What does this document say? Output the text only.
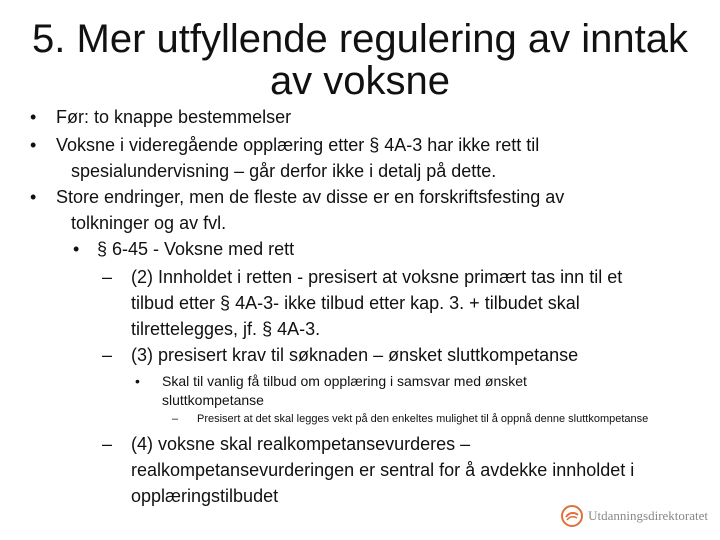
5. Mer utfyllende regulering av inntak
av voksne
• Før: to knappe bestemmelser
• Voksne i videregående opplæring etter § 4A-3 har ikke rett til
spesialundervisning – går derfor ikke i detalj på dette.
• Store endringer, men de fleste av disse er en forskriftsfesting av
tolkninger og av fvl.
• § 6-45 - Voksne med rett
– (2) Innholdet i retten - presisert at voksne primært tas inn til et
tilbud etter § 4A-3- ikke tilbud etter kap. 3. + tilbudet skal
tilrettelegges, jf. § 4A-3.
– (3) presisert krav til søknaden – ønsket sluttkompetanse
• Skal til vanlig få tilbud om opplæring i samsvar med ønsket
sluttkompetanse
– Presisert at det skal legges vekt på den enkeltes mulighet til å oppnå denne sluttkompetanse
– (4) voksne skal realkompetansevurderes –
realkompetansevurderingen er sentral for å avdekke innholdet i
opplæringstilbudet
Utdanningsdirektoratet
